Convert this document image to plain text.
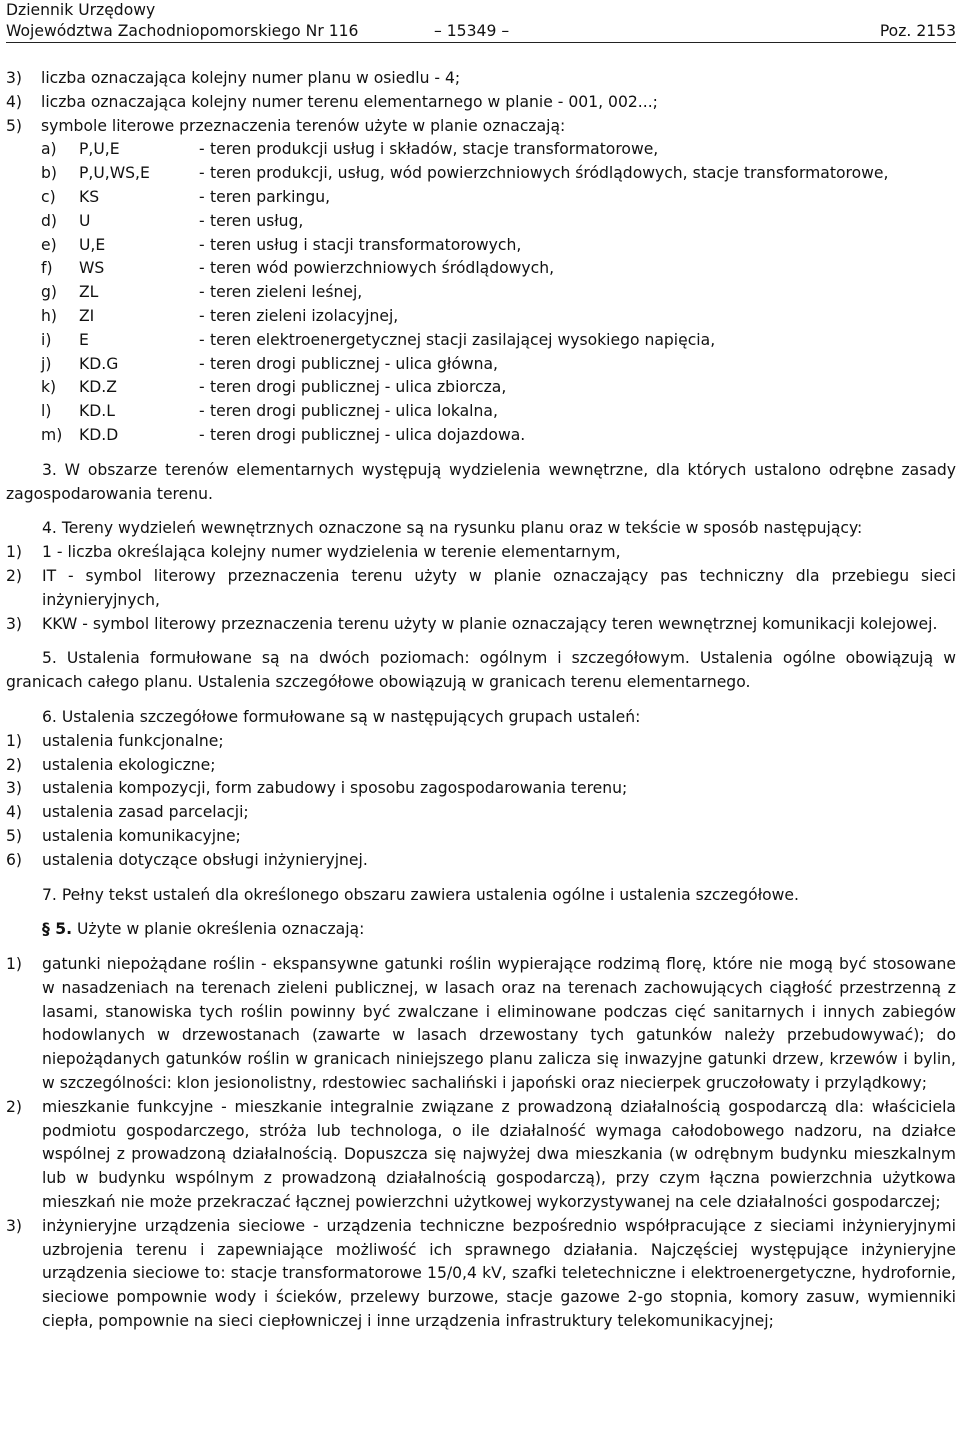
Dziennik Urzędowy
Województwa Zachodniopomorskiego Nr 116	– 15349 –	Poz. 2153
3) liczba oznaczająca kolejny numer planu w osiedlu - 4;
4) liczba oznaczająca kolejny numer terenu elementarnego w planie - 001, 002...;
5) symbole literowe przeznaczenia terenów użyte w planie oznaczają:
a) P,U,E	- teren produkcji usług i składów, stacje transformatorowe,
b) P,U,WS,E	- teren produkcji, usług, wód powierzchniowych śródlądowych, stacje transformatorowe,
c) KS	- teren parkingu,
d) U	- teren usług,
e) U,E	- teren usług i stacji transformatorowych,
f) WS	- teren wód powierzchniowych śródlądowych,
g) ZL	- teren zieleni leśnej,
h) ZI	- teren zieleni izolacyjnej,
i) E	- teren elektroenergetycznej stacji zasilającej wysokiego napięcia,
j) KD.G	- teren drogi publicznej - ulica główna,
k) KD.Z	- teren drogi publicznej - ulica zbiorcza,
l) KD.L	- teren drogi publicznej - ulica lokalna,
m) KD.D	- teren drogi publicznej - ulica dojazdowa.
3. W obszarze terenów elementarnych występują wydzielenia wewnętrzne, dla których ustalono odrębne zasady zagospodarowania terenu.
4. Tereny wydzieleń wewnętrznych oznaczone są na rysunku planu oraz w tekście w sposób następujący:
1) 1 - liczba określająca kolejny numer wydzielenia w terenie elementarnym,
2) IT - symbol literowy przeznaczenia terenu użyty w planie oznaczający pas techniczny dla przebiegu sieci inżynieryjnych,
3) KKW - symbol literowy przeznaczenia terenu użyty w planie oznaczający teren wewnętrznej komunikacji kolejowej.
5. Ustalenia formułowane są na dwóch poziomach: ogólnym i szczegółowym. Ustalenia ogólne obowiązują w granicach całego planu. Ustalenia szczegółowe obowiązują w granicach terenu elementarnego.
6. Ustalenia szczegółowe formułowane są w następujących grupach ustaleń:
1) ustalenia funkcjonalne;
2) ustalenia ekologiczne;
3) ustalenia kompozycji, form zabudowy i sposobu zagospodarowania terenu;
4) ustalenia zasad parcelacji;
5) ustalenia komunikacyjne;
6) ustalenia dotyczące obsługi inżynieryjnej.
7. Pełny tekst ustaleń dla określonego obszaru zawiera ustalenia ogólne i ustalenia szczegółowe.
§ 5. Użyte w planie określenia oznaczają:
1) gatunki niepożądane roślin - ekspansywne gatunki roślin wypierające rodzimą florę, które nie mogą być stosowane w nasadzeniach na terenach zieleni publicznej, w lasach oraz na terenach zachowujących ciągłość przestrzenną z lasami, stanowiska tych roślin powinny być zwalczane i eliminowane podczas cięć sanitarnych i innych zabiegów hodowlanych w drzewostanach (zawarte w lasach drzewostany tych gatunków należy przebudowywać); do niepożądanych gatunków roślin w granicach niniejszego planu zalicza się inwazyjne gatunki drzew, krzewów i bylin, w szczególności: klon jesionolistny, rdestowiec sachaliński i japoński oraz niecierpek gruczołowaty i przylądkowy;
2) mieszkanie funkcyjne - mieszkanie integralnie związane z prowadzoną działalnością gospodarczą dla: właściciela podmiotu gospodarczego, stróża lub technologa, o ile działalność wymaga całodobowego nadzoru, na działce wspólnej z prowadzoną działalnością. Dopuszcza się najwyżej dwa mieszkania (w odrębnym budynku mieszkalnym lub w budynku wspólnym z prowadzoną działalnością gospodarczą), przy czym łączna powierzchnia użytkowa mieszkań nie może przekraczać łącznej powierzchni użytkowej wykorzystywanej na cele działalności gospodarczej;
3) inżynieryjne urządzenia sieciowe - urządzenia techniczne bezpośrednio współpracujące z sieciami inżynieryjnymi uzbrojenia terenu i zapewniające możliwość ich sprawnego działania. Najczęściej występujące inżynieryjne urządzenia sieciowe to: stacje transformatorowe 15/0,4 kV, szafki teletechniczne i elektroenergetyczne, hydrofornie, sieciowe pompownie wody i ścieków, przelewy burzowe, stacje gazowe 2-go stopnia, komory zasuw, wymienniki ciepła, pompownie na sieci ciepłowniczej i inne urządzenia infrastruktury telekomunikacyjnej;
